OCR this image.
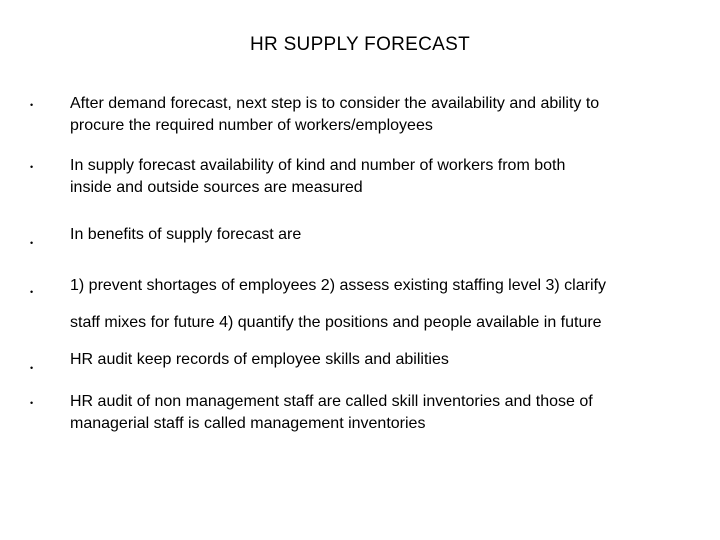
HR SUPPLY FORECAST
• After demand forecast, next step is to consider the availability and ability to
procure the required number of workers/employees
• In supply forecast availability of kind and number of workers from both
inside and outside sources are measured
• In benefits of supply forecast are
• 1) prevent shortages of employees 2) assess existing staffing level 3) clarify
staff mixes for future 4) quantify the positions and people available in future
• HR audit keep records of employee skills and abilities
• HR audit of non management staff are called skill inventories and those of
managerial staff is called management inventories
